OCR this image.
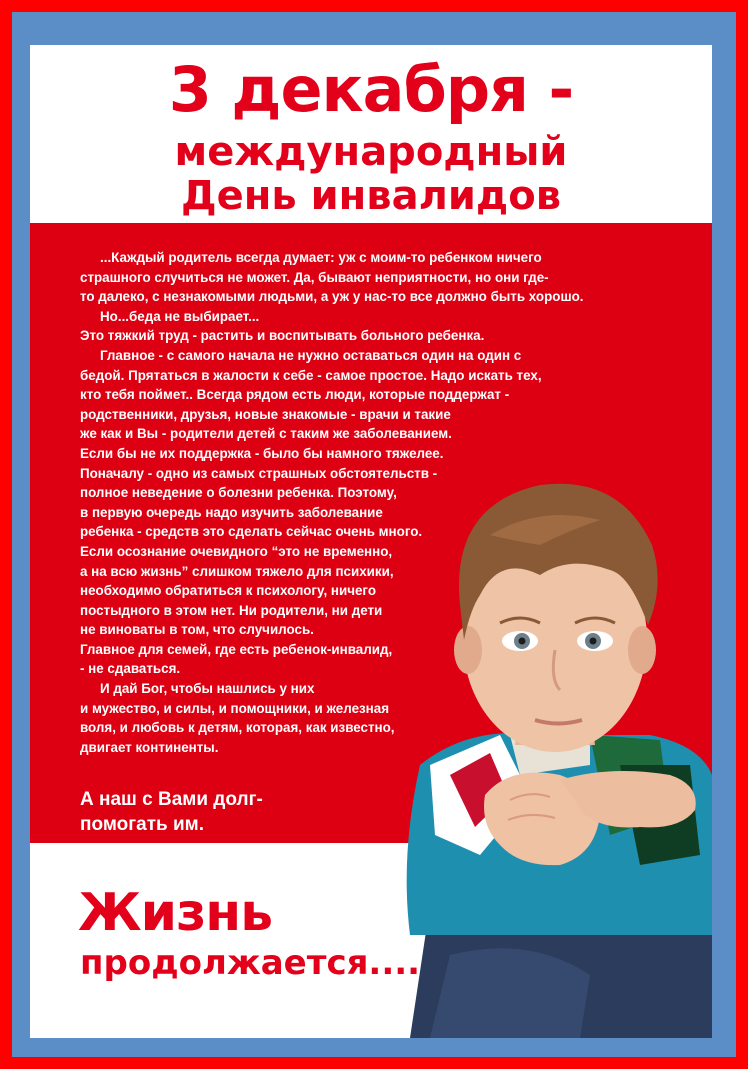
3 декабря -
международный
День инвалидов

...Каждый родитель всегда думает: уж с моим-то ребенком ничего

страшного случиться не может. Да, бывают неприятности, но они где-

то далеко, с незнакомыми людьми, а уж у нас-то все должно быть хорошо.

Но...беда не выбирает...

Это тяжкий труд - растить и воспитывать больного ребенка.

Главное - с самого начала не нужно оставаться один на один с

бедой. Прятаться в жалости к себе - самое простое. Надо искать тех,

кто тебя поймет.. Всегда рядом есть люди, которые поддержат -

родственники, друзья, новые знакомые - врачи и такие

же как и Вы - родители детей с таким же заболеванием.

Если бы не их поддержка - было бы намного тяжелее.

Поначалу - одно из самых страшных обстоятельств -

полное неведение о болезни ребенка. Поэтому,

в первую очередь надо изучить заболевание

ребенка - средств это сделать сейчас очень много.

Если осознание очевидного “это не временно,

а на всю жизнь” слишком тяжело для психики,

необходимо обратиться к психологу, ничего

постыдного в этом нет. Ни родители, ни дети

не виноваты в том, что случилось.

Главное для семей, где есть ребенок-инвалид,

- не сдаваться.

И дай Бог, чтобы нашлись у них

и мужество, и силы, и помощники, и железная

воля, и любовь к детям, которая, как известно,

двигает континенты.

А наш с Вами долг-
помогать им.
Жизнь
продолжается....
